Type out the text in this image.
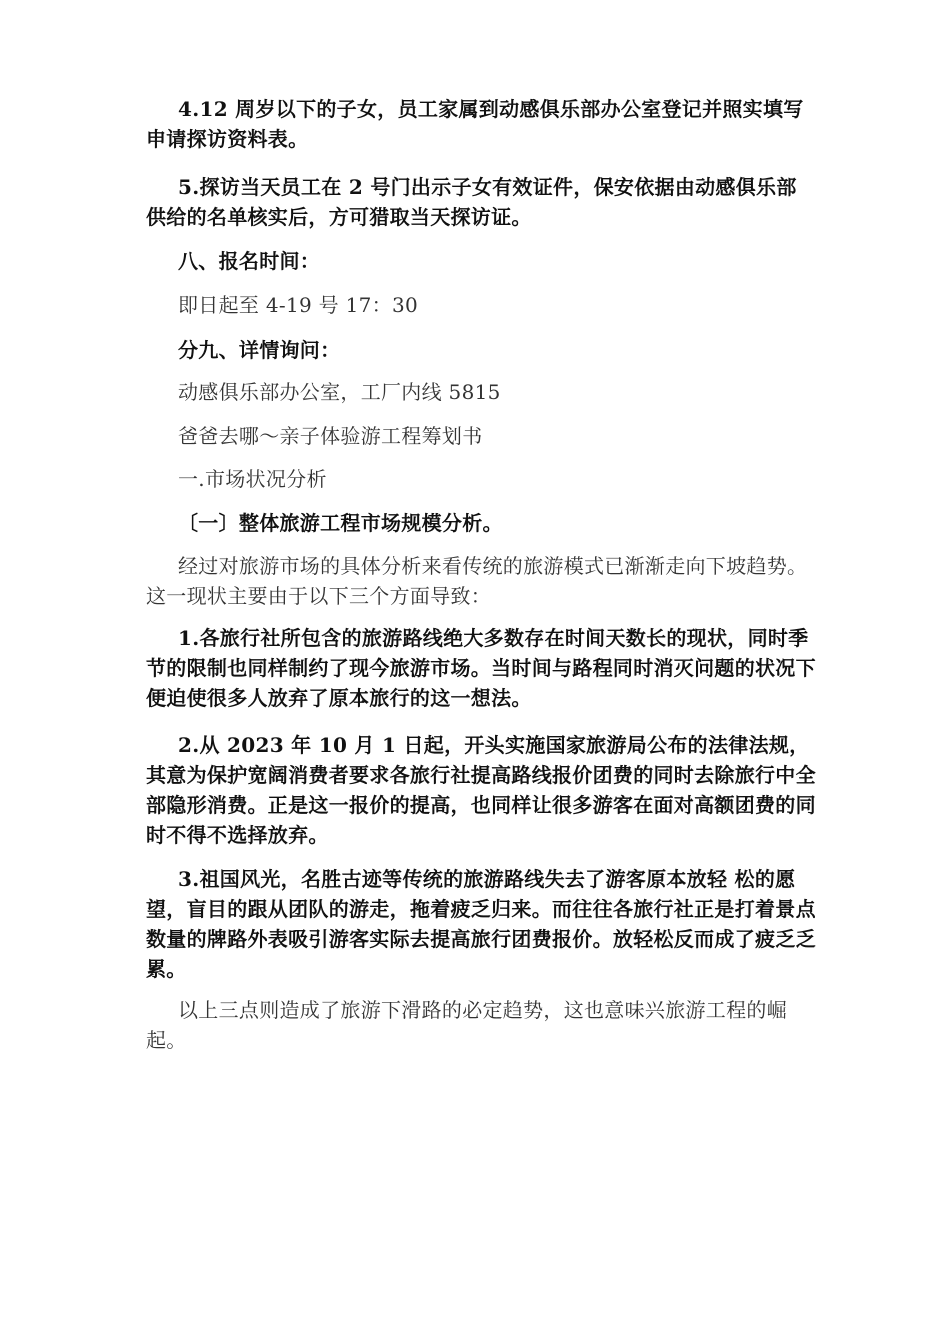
4.12 周岁以下的子女，员工家属到动感俱乐部办公室登记并照实填写申请探访资料表。

5.探访当天员工在 2 号门出示子女有效证件，保安依据由动感俱乐部供给的名单核实后，方可猎取当天探访证。

八、报名时间：

即日起至 4-19 号 17：30

分九、详情询问：

动感俱乐部办公室，工厂内线 5815

爸爸去哪～亲子体验游工程筹划书

一.市场状况分析

〔一〕整体旅游工程市场规模分析。

经过对旅游市场的具体分析来看传统的旅游模式已渐渐走向下坡趋势。这一现状主要由于以下三个方面导致：

1.各旅行社所包含的旅游路线绝大多数存在时间天数长的现状，同时季节的限制也同样制约了现今旅游市场。当时间与路程同时消灭问题的状况下便迫使很多人放弃了原本旅行的这一想法。

2.从 2023 年 10 月 1 日起，开头实施国家旅游局公布的法律法规，其意为保护宽阔消费者要求各旅行社提高路线报价团费的同时去除旅行中全部隐形消费。正是这一报价的提高，也同样让很多游客在面对高额团费的同时不得不选择放弃。

3.祖国风光，名胜古迹等传统的旅游路线失去了游客原本放轻 松的愿望，盲目的跟从团队的游走，拖着疲乏归来。而往往各旅行社正是打着景点数量的牌路外表吸引游客实际去提高旅行团费报价。放轻松反而成了疲乏乏累。

以上三点则造成了旅游下滑路的必定趋势，这也意味兴旅游工程的崛起。
